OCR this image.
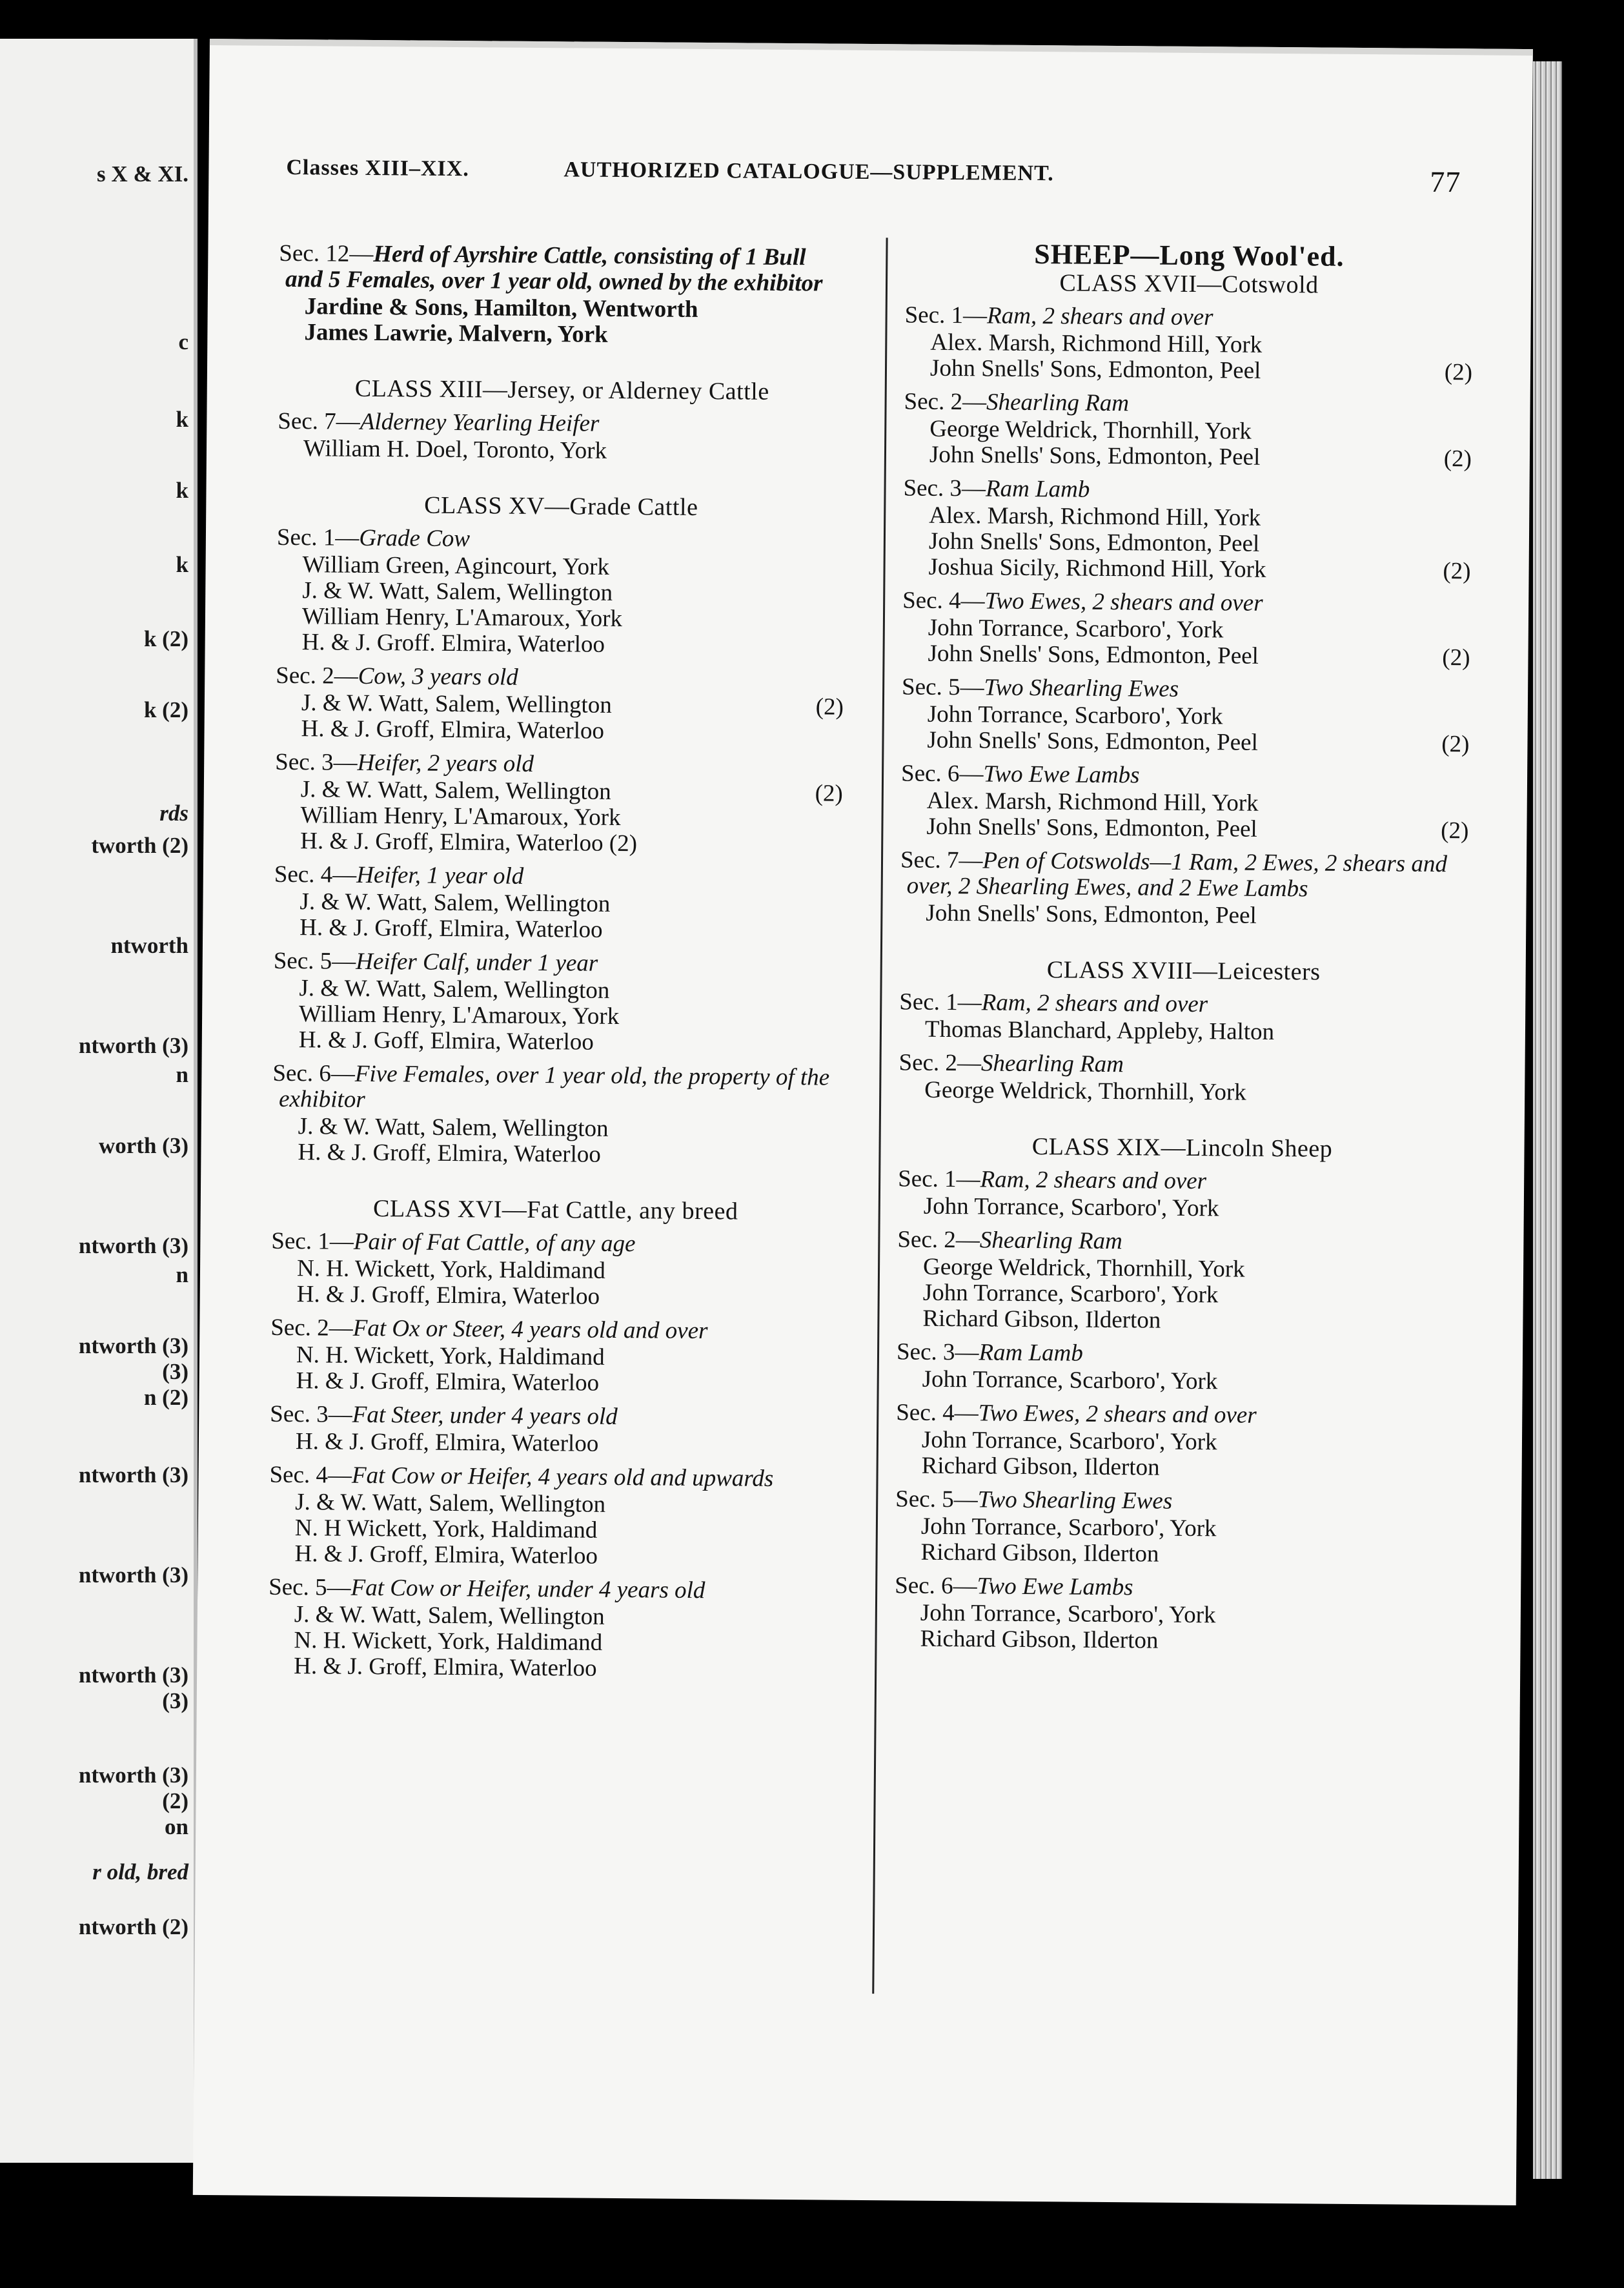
s X & XI.
c
k
k
k
k (2)
k (2)
rds
tworth (2)
ntworth
ntworth (3)
n
worth (3)
ntworth (3)
n
ntworth (3)
(3)
n (2)
ntworth (3)
ntworth (3)
ntworth (3)
(3)
ntworth (3)
(2)
on
r old, bred
ntworth (2)
Classes XIII–XIX.	AUTHORIZED CATALOGUE—SUPPLEMENT.	77
Sec. 12—Herd of Ayrshire Cattle, consisting of 1 Bull and 5 Females, over 1 year old, owned by the exhibitor
Jardine & Sons, Hamilton, Wentworth
James Lawrie, Malvern, York
CLASS XIII—Jersey, or Alderney Cattle
Sec. 7—Alderney Yearling Heifer
William H. Doel, Toronto, York
CLASS XV—Grade Cattle
Sec. 1—Grade Cow
William Green, Agincourt, York
J. & W. Watt, Salem, Wellington
William Henry, L'Amaroux, York
H. & J. Groff. Elmira, Waterloo
Sec. 2—Cow, 3 years old
J. & W. Watt, Salem, Wellington	(2)
H. & J. Groff, Elmira, Waterloo
Sec. 3—Heifer, 2 years old
J. & W. Watt, Salem, Wellington	(2)
William Henry, L'Amaroux, York
H. & J. Groff, Elmira, Waterloo (2)
Sec. 4—Heifer, 1 year old
J. & W. Watt, Salem, Wellington
H. & J. Groff, Elmira, Waterloo
Sec. 5—Heifer Calf, under 1 year
J. & W. Watt, Salem, Wellington
William Henry, L'Amaroux, York
H. & J. Goff, Elmira, Waterloo
Sec. 6—Five Females, over 1 year old, the property of the exhibitor
J. & W. Watt, Salem, Wellington
H. & J. Groff, Elmira, Waterloo
CLASS XVI—Fat Cattle, any breed
Sec. 1—Pair of Fat Cattle, of any age
N. H. Wickett, York, Haldimand
H. & J. Groff, Elmira, Waterloo
Sec. 2—Fat Ox or Steer, 4 years old and over
N. H. Wickett, York, Haldimand
H. & J. Groff, Elmira, Waterloo
Sec. 3—Fat Steer, under 4 years old
H. & J. Groff, Elmira, Waterloo
Sec. 4—Fat Cow or Heifer, 4 years old and upwards
J. & W. Watt, Salem, Wellington
N. H Wickett, York, Haldimand
H. & J. Groff, Elmira, Waterloo
Sec. 5—Fat Cow or Heifer, under 4 years old
J. & W. Watt, Salem, Wellington
N. H. Wickett, York, Haldimand
H. & J. Groff, Elmira, Waterloo
SHEEP—Long Wool'ed.
CLASS XVII—Cotswold
Sec. 1—Ram, 2 shears and over
Alex. Marsh, Richmond Hill, York
John Snells' Sons, Edmonton, Peel	(2)
Sec. 2—Shearling Ram
George Weldrick, Thornhill, York
John Snells' Sons, Edmonton, Peel	(2)
Sec. 3—Ram Lamb
Alex. Marsh, Richmond Hill, York
John Snells' Sons, Edmonton, Peel
Joshua Sicily, Richmond Hill, York	(2)
Sec. 4—Two Ewes, 2 shears and over
John Torrance, Scarboro', York
John Snells' Sons, Edmonton, Peel	(2)
Sec. 5—Two Shearling Ewes
John Torrance, Scarboro', York
John Snells' Sons, Edmonton, Peel	(2)
Sec. 6—Two Ewe Lambs
Alex. Marsh, Richmond Hill, York
John Snells' Sons, Edmonton, Peel	(2)
Sec. 7—Pen of Cotswolds—1 Ram, 2 Ewes, 2 shears and over, 2 Shearling Ewes, and 2 Ewe Lambs
John Snells' Sons, Edmonton, Peel
CLASS XVIII—Leicesters
Sec. 1—Ram, 2 shears and over
Thomas Blanchard, Appleby, Halton
Sec. 2—Shearling Ram
George Weldrick, Thornhill, York
CLASS XIX—Lincoln Sheep
Sec. 1—Ram, 2 shears and over
John Torrance, Scarboro', York
Sec. 2—Shearling Ram
George Weldrick, Thornhill, York
John Torrance, Scarboro', York
Richard Gibson, Ilderton
Sec. 3—Ram Lamb
John Torrance, Scarboro', York
Sec. 4—Two Ewes, 2 shears and over
John Torrance, Scarboro', York
Richard Gibson, Ilderton
Sec. 5—Two Shearling Ewes
John Torrance, Scarboro', York
Richard Gibson, Ilderton
Sec. 6—Two Ewe Lambs
John Torrance, Scarboro', York
Richard Gibson, Ilderton
